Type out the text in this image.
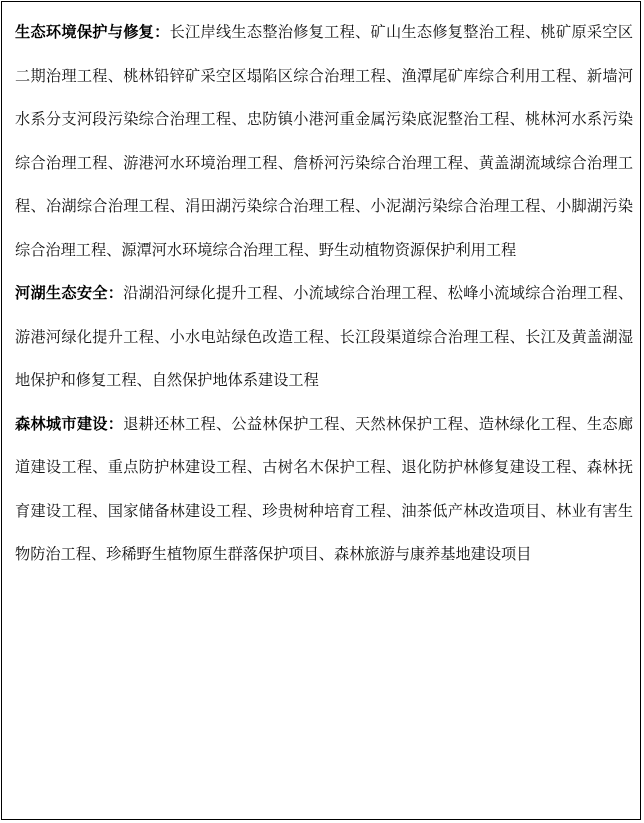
生态环境保护与修复：长江岸线生态整治修复工程、矿山生态修复整治工程、桃矿原采空区二期治理工程、桃林铅锌矿采空区塌陷区综合治理工程、渔潭尾矿库综合利用工程、新墙河水系分支河段污染综合治理工程、忠防镇小港河重金属污染底泥整治工程、桃林河水系污染综合治理工程、游港河水环境治理工程、詹桥河污染综合治理工程、黄盖湖流域综合治理工程、冶湖综合治理工程、涓田湖污染综合治理工程、小泥湖污染综合治理工程、小脚湖污染综合治理工程、源潭河水环境综合治理工程、野生动植物资源保护利用工程

河湖生态安全：沿湖沿河绿化提升工程、小流域综合治理工程、松峰小流域综合治理工程、游港河绿化提升工程、小水电站绿色改造工程、长江段渠道综合治理工程、长江及黄盖湖湿地保护和修复工程、自然保护地体系建设工程

森林城市建设：退耕还林工程、公益林保护工程、天然林保护工程、造林绿化工程、生态廊道建设工程、重点防护林建设工程、古树名木保护工程、退化防护林修复建设工程、森林抚育建设工程、国家储备林建设工程、珍贵树种培育工程、油茶低产林改造项目、林业有害生物防治工程、珍稀野生植物原生群落保护项目、森林旅游与康养基地建设项目
